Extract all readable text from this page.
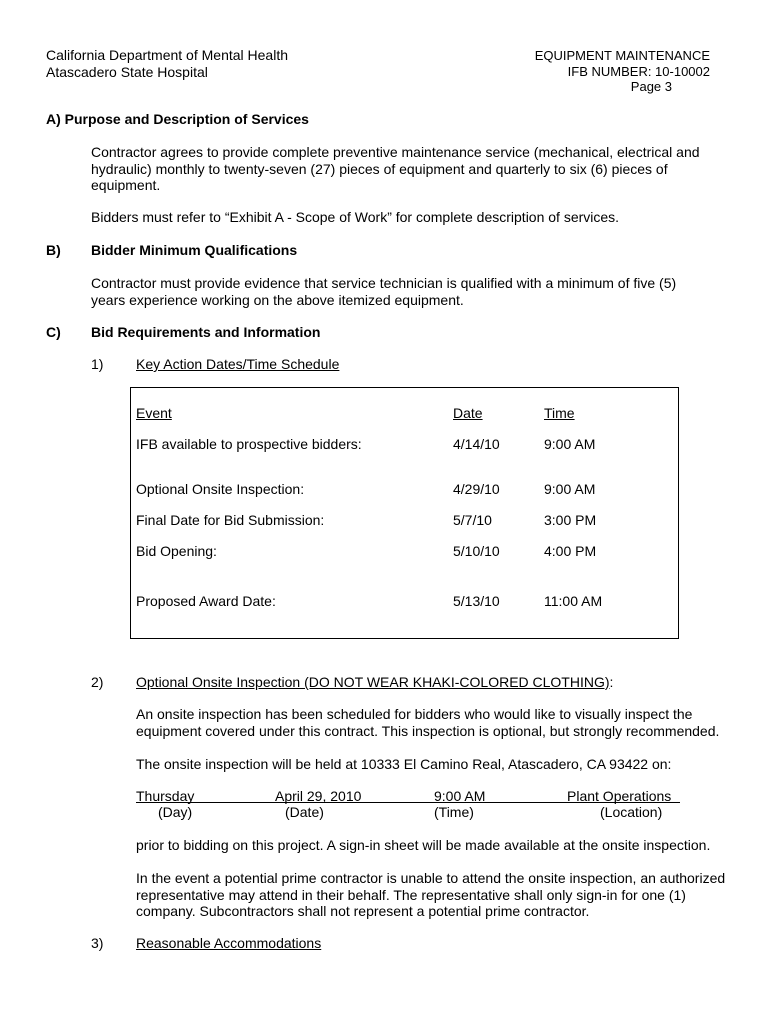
California Department of Mental Health
Atascadero State Hospital
EQUIPMENT MAINTENANCE
IFB NUMBER: 10-10002
Page 3
A) Purpose and Description of Services
Contractor agrees to provide complete preventive maintenance service (mechanical, electrical and hydraulic) monthly to twenty-seven (27) pieces of equipment and quarterly to six (6) pieces of equipment.
Bidders must refer to “Exhibit A - Scope of Work” for complete description of services.
B) Bidder Minimum Qualifications
Contractor must provide evidence that service technician is qualified with a minimum of five (5) years experience working on the above itemized equipment.
C) Bid Requirements and Information
1) Key Action Dates/Time Schedule
Event	Date	Time
IFB available to prospective bidders:	4/14/10	9:00 AM
Optional Onsite Inspection:	4/29/10	9:00 AM
Final Date for Bid Submission:	5/7/10	3:00 PM
Bid Opening:	5/10/10	4:00 PM
Proposed Award Date:	5/13/10	11:00 AM
2) Optional Onsite Inspection (DO NOT WEAR KHAKI-COLORED CLOTHING):
An onsite inspection has been scheduled for bidders who would like to visually inspect the equipment covered under this contract. This inspection is optional, but strongly recommended.
The onsite inspection will be held at 10333 El Camino Real, Atascadero, CA 93422 on:
Thursday	April 29, 2010	9:00 AM	Plant Operations
(Day)	(Date)	(Time)	(Location)
prior to bidding on this project. A sign-in sheet will be made available at the onsite inspection.
In the event a potential prime contractor is unable to attend the onsite inspection, an authorized representative may attend in their behalf. The representative shall only sign-in for one (1) company. Subcontractors shall not represent a potential prime contractor.
3) Reasonable Accommodations
